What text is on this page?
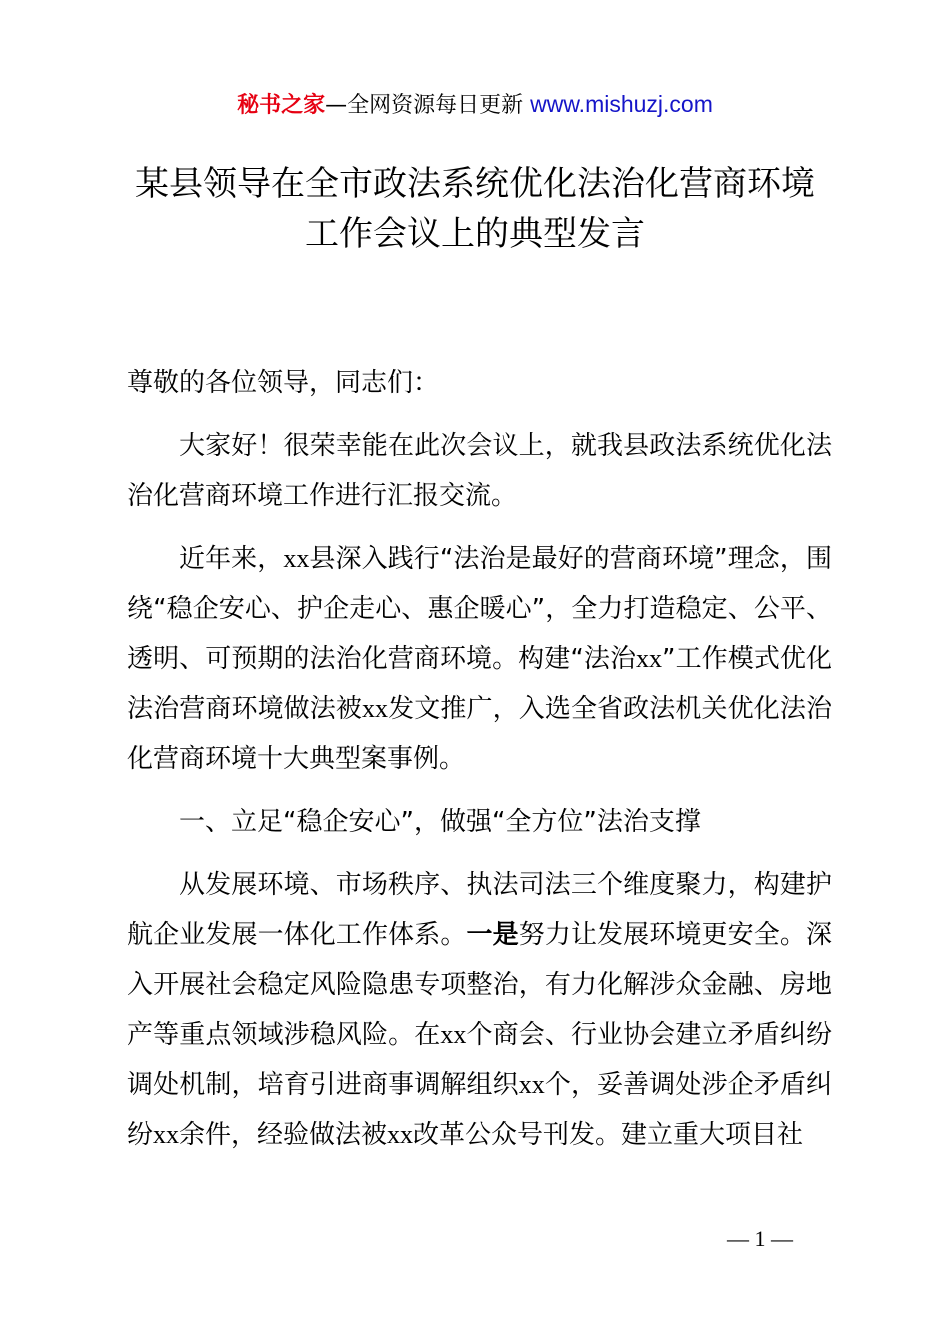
秘书之家—全网资源每日更新 www.mishuzj.com
某县领导在全市政法系统优化法治化营商环境
工作会议上的典型发言

尊敬的各位领导，同志们：

大家好！很荣幸能在此次会议上，就我县政法系统优化法治化营商环境工作进行汇报交流。

近年来，xx县深入践行“法治是最好的营商环境”理念，围绕“稳企安心、护企走心、惠企暖心”，全力打造稳定、公平、透明、可预期的法治化营商环境。构建“法治xx”工作模式优化法治营商环境做法被xx发文推广，入选全省政法机关优化法治化营商环境十大典型案事例。

一、立足“稳企安心”，做强“全方位”法治支撑

从发展环境、市场秩序、执法司法三个维度聚力，构建护航企业发展一体化工作体系。一是努力让发展环境更安全。深入开展社会稳定风险隐患专项整治，有力化解涉众金融、房地产等重点领域涉稳风险。在xx个商会、行业协会建立矛盾纠纷调处机制，培育引进商事调解组织xx个，妥善调处涉企矛盾纠纷xx余件，经验做法被xx改革公众号刊发。建立重大项目社

— 1 —
